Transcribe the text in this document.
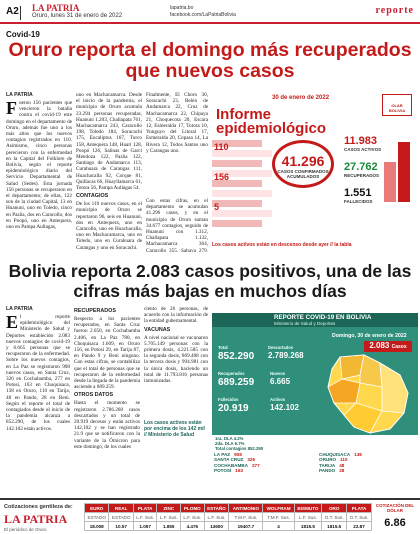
A2 LA PATRIA
Oruro, lunes 31 de enero de 2022
lapatria.bo
facebook.com/LaPatriaBolivia	reporte
Covid-19
Oruro reporta el domingo más recuperados que nuevos casos
LA PATRIA
F ueron 156 pacientes que vencieron la batalla contra el covid-19 este domingo en el departamento de Oruro, además fue uno a los más altos que los nuevos contagios registrados en 110. Asimismo, cinco personas perecieron con la enfermedad en la Capital del Folklore de Bolivia, según el reporte epidemiológico diario del Servicio Departamental de Salud (Sedes). Esta jornada 156 personas se recuperaron en el departamento; de ellas, 122 son de la ciudad Capital, 13 en Huanuni, uno en Toledo, cinco en Pazña, dos en Caracollo, dos en Poopó, uno en Antequera, uno en Pampa Aullagas,
uno en Machacamarca. Desde el inicio de la pandemia, el municipio de Oruro acumula 23.294 personas recuperadas, Huanuni 1.203, Challapata 761, Machacamarca 243, Caracollo 198, Toledo 184, Soracachi 175, Eucaliptus 167, Turco 158, Antequera 148, Huari 128, Poopó 126, Salinas de Garci Mendoza 122, Pazña 122, Santiago de Andamarca 113, Curahuara de Carangas 111, Huachacalla 92, Corque 81, Quillacas 66, Huayllamarca 61, Totora 56, Pampa Aullagas 54.
CONTAGIOS
De los 110 nuevos casos, en el municipio de Oruro se reportaron 96, seis en Huanuni, dos en Antequera, uno en Caracollo, uno en Huachacalla, uno en Machacamarca, uno en Toledo, uno en Curahuara de Carangas y uno en Soracachi.
Finalmente, El Choro 30, Soracachi 23, Belén de Andamarca 22, Cruz de Machacamarca 22, Chipaya 21, Choquecota 20, Escara 12, Esmeralda 17, Totora 10, Yunguyo del Litoral 17, Esmeralda 20, Copasa 14, La Rivera 12, Todos Santos uno y Carangas uno.
30 de enero de 2022
OLAR BOLIVIA
Informe
epidemiológico
110
156
5
41.296
CASOS CONFIRMADOS ACUMULADOS
11.983
CASOS ACTIVOS
27.762
RECUPERADOS
1.551
FALLECIDOS
Los casos activos están en descenso desde ayer // la tabla
Con estas cifras, en el departamento se acumulan 41.296 casos, y en el municipio de Oruro suman 34.677 contagios, seguido de Huanuni con 1.312, Challapata 1.132, Machacamarca 364, Caracollo 355, Sabaya 279,
Bolivia reporta 2.083 casos positivos, una de las cifras más bajas en muchos días
LA PATRIA
E l reporte epidemiológico del Ministerio de Salud y Deportes establecido 2.083 nuevos contagios de covid-19 y 6.665 personas que se recuperaron de la enfermedad. Sobre los nuevos contagios, en La Paz se registraron 908 nuevos casos, en Santa Cruz, 326 en Cochabamba, 277 en Potosí, 163 en Chuquisaca, 138 en Oruro, 110 en Tarija, 48 en Pando, 28 en Beni. Según el reporte el total de contagiados desde el inicio de la pandemia alcanza a 852.290, de los cuales 142.102 están activos.
RECUPERADOS
Respecto a los pacientes recuperados, en Santa Cruz fueron 2.050, en Cochabamba 2.406, en La Paz 780, en Chuquisaca 1.609, en Oruro 156, en Potosí 29, en Tarija 87, en Pando 9 y Beni ninguno. Con estas cifras, se contabiliza que el total de personas que se recuperaron de la enfermedad desde la llegada de la pandemia asciende a 689.259.
OTROS DATOS
Hasta el momento se registraron 2.786.268 casos descartados y un total de 20.919 decesos y están activos 142.102 y se han registrado 21.9 que se notificaron con la variante de la Ómicron para este domingo, de los cuales
ciento de 26 personas, de acuerdo con la información de la entidad gubernamental.
VACUNAS
A nivel nacional se vacunaron 5.705.149 personas con la primera dosis, 4.221.585 con la segunda dosis, 869.408 con la tercera dosis y 994.981 con la única dosis, haciendo un total de 11.793.816 personas inmunizadas.
Los casos activos están por encima de los 142 mil // Ministerio de Salud
REPORTE COVID-19 EN BOLIVIA
Ministerio de Salud y Deportes
Domingo, 30 de enero de 2022
2.083 Casos
Total
852.290
Descartados
2.789.268
Recuperados
689.259
Nuevos
6.665
Fallecidos
20.919
Activos
142.102
1ra. DLA 4.2%
2da. DLA 6.7%
Total contagios 852.290
LA PAZ 908
SANTA CRUZ 326
COCHABAMBA 277
POTOSÍ 163
CHUQUISACA 138
ORURO 110
TARIJA 48
PANDO 28
Cotizaciones gentileza de:
LA PATRIA
El periódico de Oruro
EURO	REAL	PLATA	ZINC	PLOMO	ESTAÑO	ANTIMONIO	WOLFRAM	BISMUTO	ORO	PLATA
ESTADO	ESTADO	L.F. Sus.	L.F. Sus.	L.F. Sus.	L.F. Sus.	T.M.F. Sus.	T.M.F. Sus.	L.F. Sus.	O.T. Sus.	O.T. Sus.
18.008	10.57	1.057	1.855	4.476	13600	19407.7	4	1815.5	1815.5	22.87
COTIZACIÓN DEL DÓLAR
6.86
